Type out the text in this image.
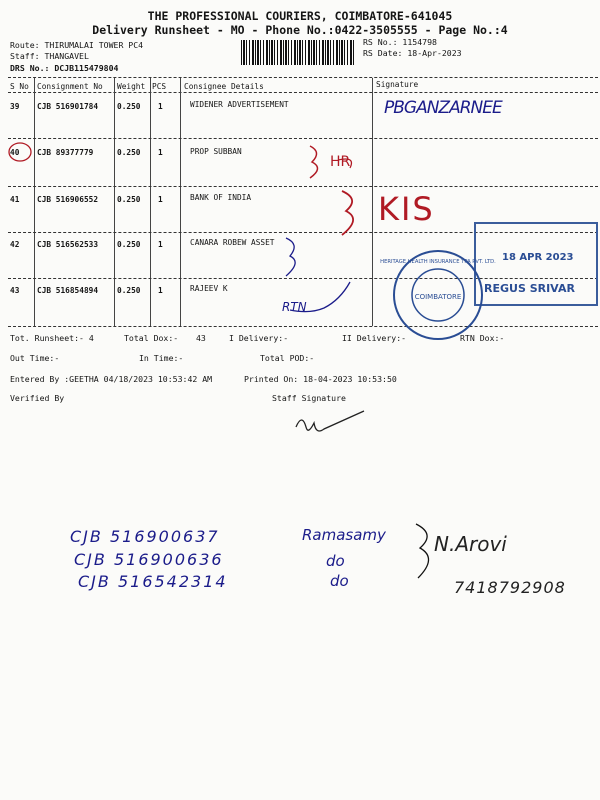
THE PROFESSIONAL COURIERS, COIMBATORE-641045
Delivery Runsheet - MO - Phone No.:0422-3505555 - Page No.:4
Route: THIRUMALAI TOWER PC4
Staff: THANGAVEL
DRS No.: DCJB115479804
RS No.: 1154798
RS Date: 18-Apr-2023
S No Consignment No Weight PCS Consignee Details	Signature
39 CJB 516901784 0.250 1	WIDENER ADVERTISEMENT
40 CJB 89377779	0.250 1	PROP SUBBAN
41 CJB 516906552 0.250 1	BANK OF INDIA
42 CJB 516562533 0.250 1	CANARA ROBEW ASSET
43 CJB 516854894 0.250 1	RAJEEV K
Tot. Runsheet:- 4	Total Dox:- 43	I Delivery:-	II Delivery:-	RTN Dox:-
Out Time:-	In Time:-	Total POD:-
Entered By :GEETHA 04/18/2023 10:53:42 AM	Printed On: 18-04-2023 10:53:50
Verified By	Staff Signature
PBGANZARNEE
HR
KIS
RTN
18 APR 2023
REGUS SRIVAR
COIMBATORE
HERITAGE HEALTH INSURANCE TPA PVT. LTD.
CJB 516900637
CJB 516900636
CJB 516542314
Ramasamy
do
do
N.Arovi
7418792908
